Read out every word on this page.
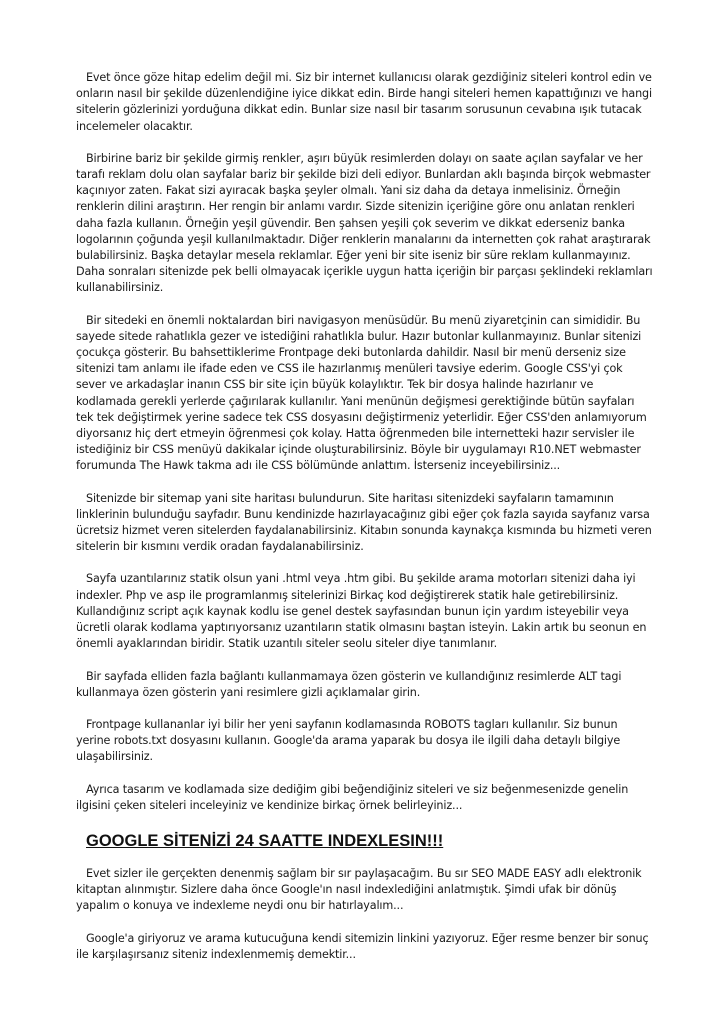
Evet önce göze hitap edelim değil mi. Siz bir internet kullanıcısı olarak gezdiğiniz siteleri kontrol edin ve onların nasıl bir şekilde düzenlendiğine iyice dikkat edin. Birde hangi siteleri hemen kapattığınızı ve hangi sitelerin gözlerinizi yorduğuna dikkat edin. Bunlar size nasıl bir tasarım sorusunun cevabına ışık tutacak incelemeler olacaktır.

Birbirine bariz bir şekilde girmiş renkler, aşırı büyük resimlerden dolayı on saate açılan sayfalar ve her tarafı reklam dolu olan sayfalar bariz bir şekilde bizi deli ediyor. Bunlardan aklı başında birçok webmaster kaçınıyor zaten. Fakat sizi ayıracak başka şeyler olmalı. Yani siz daha da detaya inmelisiniz. Örneğin renklerin dilini araştırın. Her rengin bir anlamı vardır. Sizde sitenizin içeriğine göre onu anlatan renkleri daha fazla kullanın. Örneğin yeşil güvendir. Ben şahsen yeşili çok severim ve dikkat ederseniz banka logolarının çoğunda yeşil kullanılmaktadır. Diğer renklerin manalarını da internetten çok rahat araştırarak bulabilirsiniz. Başka detaylar mesela reklamlar. Eğer yeni bir site iseniz bir süre reklam kullanmayınız. Daha sonraları sitenizde pek belli olmayacak içerikle uygun hatta içeriğin bir parçası şeklindeki reklamları kullanabilirsiniz.

Bir sitedeki en önemli noktalardan biri navigasyon menüsüdür. Bu menü ziyaretçinin can simididir. Bu sayede sitede rahatlıkla gezer ve istediğini rahatlıkla bulur. Hazır butonlar kullanmayınız. Bunlar sitenizi çocukça gösterir. Bu bahsettiklerime Frontpage deki butonlarda dahildir. Nasıl bir menü derseniz size sitenizi tam anlamı ile ifade eden ve CSS ile hazırlanmış menüleri tavsiye ederim. Google CSS'yi çok sever ve arkadaşlar inanın CSS bir site için büyük kolaylıktır. Tek bir dosya halinde hazırlanır ve kodlamada gerekli yerlerde çağırılarak kullanılır. Yani menünün değişmesi gerektiğinde bütün sayfaları tek tek değiştirmek yerine sadece tek CSS dosyasını değiştirmeniz yeterlidir. Eğer CSS'den anlamıyorum diyorsanız hiç dert etmeyin öğrenmesi çok kolay. Hatta öğrenmeden bile internetteki hazır servisler ile istediğiniz bir CSS menüyü dakikalar içinde oluşturabilirsiniz. Böyle bir uygulamayı R10.NET webmaster forumunda The Hawk takma adı ile CSS bölümünde anlattım. İsterseniz inceyebilirsiniz...

Sitenizde bir sitemap yani site haritası bulundurun. Site haritası sitenizdeki sayfaların tamamının linklerinin bulunduğu sayfadır. Bunu kendinizde hazırlayacağınız gibi eğer çok fazla sayıda sayfanız varsa ücretsiz hizmet veren sitelerden faydalanabilirsiniz. Kitabın sonunda kaynakça kısmında bu hizmeti veren sitelerin bir kısmını verdik oradan faydalanabilirsiniz.

Sayfa uzantılarınız statik olsun yani .html veya .htm gibi. Bu şekilde arama motorları sitenizi daha iyi indexler. Php ve asp ile programlanmış sitelerinizi Birkaç kod değiştirerek statik hale getirebilirsiniz. Kullandığınız script açık kaynak kodlu ise genel destek sayfasından bunun için yardım isteyebilir veya ücretli olarak kodlama yaptırıyorsanız uzantıların statik olmasını baştan isteyin. Lakin artık bu seonun en önemli ayaklarından biridir. Statik uzantılı siteler seolu siteler diye tanımlanır.

Bir sayfada elliden fazla bağlantı kullanmamaya özen gösterin ve kullandığınız resimlerde ALT tagi kullanmaya özen gösterin yani resimlere gizli açıklamalar girin.

Frontpage kullananlar iyi bilir her yeni sayfanın kodlamasında ROBOTS tagları kullanılır. Siz bunun yerine robots.txt dosyasını kullanın. Google'da arama yaparak bu dosya ile ilgili daha detaylı bilgiye ulaşabilirsiniz.

Ayrıca tasarım ve kodlamada size dediğim gibi beğendiğiniz siteleri ve siz beğenmesenizde genelin ilgisini çeken siteleri inceleyiniz ve kendinize birkaç örnek belirleyiniz...

GOOGLE SİTENİZİ 24 SAATTE INDEXLESIN!!!

Evet sizler ile gerçekten denenmiş sağlam bir sır paylaşacağım. Bu sır SEO MADE EASY adlı elektronik kitaptan alınmıştır. Sizlere daha önce Google'ın nasıl indexlediğini anlatmıştık. Şimdi ufak bir dönüş yapalım o konuya ve indexleme neydi onu bir hatırlayalım...

Google'a giriyoruz ve arama kutucuğuna kendi sitemizin linkini yazıyoruz. Eğer resme benzer bir sonuç ile karşılaşırsanız siteniz indexlenmemiş demektir...
